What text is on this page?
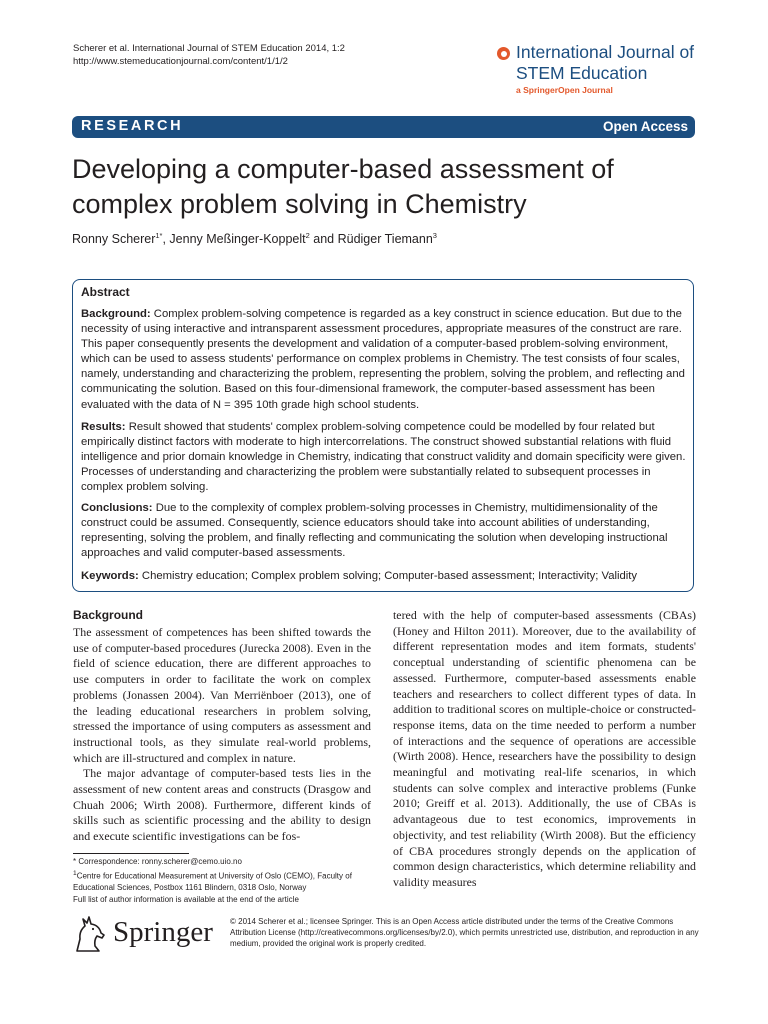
Scherer et al. International Journal of STEM Education 2014, 1:2
http://www.stemeducationjournal.com/content/1/1/2	International Journal of
STEM Education
a SpringerOpen Journal
RESEARCH	Open Access
Developing a computer-based assessment of
complex problem solving in Chemistry
Ronny Scherer$^{1*}$, Jenny Meßinger-Koppelt$^2$ and Rüdiger Tiemann$^3$
Abstract
Background: Complex problem-solving competence is regarded as a key construct in science education. But due to the necessity of using interactive and intransparent assessment procedures, appropriate measures of the construct are rare. This paper consequently presents the development and validation of a computer-based problem-solving environment, which can be used to assess students' performance on complex problems in Chemistry. The test consists of four scales, namely, understanding and characterizing the problem, representing the problem, solving the problem, and reflecting and communicating the solution. Based on this four-dimensional framework, the computer-based assessment has been evaluated with the data of N = 395 10th grade high school students.
Results: Result showed that students' complex problem-solving competence could be modelled by four related but empirically distinct factors with moderate to high intercorrelations. The construct showed substantial relations with fluid intelligence and prior domain knowledge in Chemistry, indicating that construct validity and domain specificity were given. Processes of understanding and characterizing the problem were substantially related to subsequent processes in complex problem solving.
Conclusions: Due to the complexity of complex problem-solving processes in Chemistry, multidimensionality of the construct could be assumed. Consequently, science educators should take into account abilities of understanding, representing, solving the problem, and finally reflecting and communicating the solution when developing instructional approaches and valid computer-based assessments.
Keywords: Chemistry education; Complex problem solving; Computer-based assessment; Interactivity; Validity
Background

The assessment of competences has been shifted towards the use of computer-based procedures (Jurecka 2008). Even in the field of science education, there are different approaches to use computers in order to facilitate the work on complex problems (Jonassen 2004). Van Merriënboer (2013), one of the leading educational researchers in problem solving, stressed the importance of using computers as assessment and instructional tools, as they simulate real-world problems, which are ill-structured and complex in nature.

The major advantage of computer-based tests lies in the assessment of new content areas and constructs (Drasgow and Chuah 2006; Wirth 2008). Furthermore, different kinds of skills such as scientific processing and the ability to design and execute scientific investigations can be fos-

tered with the help of computer-based assessments (CBAs) (Honey and Hilton 2011). Moreover, due to the availability of different representation modes and item formats, students' conceptual understanding of scientific phenomena can be assessed. Furthermore, computer-based assessments enable teachers and researchers to collect different types of data. In addition to traditional scores on multiple-choice or constructed-response items, data on the time needed to perform a number of interactions and the sequence of operations are accessible (Wirth 2008). Hence, researchers have the possibility to design meaningful and motivating real-life scenarios, in which students can solve complex and interactive problems (Funke 2010; Greiff et al. 2013). Additionally, the use of CBAs is advantageous due to test economics, improvements in objectivity, and test reliability (Wirth 2008). But the efficiency of CBA procedures strongly depends on the application of common design characteristics, which determine reliability and validity measures

* Correspondence: ronny.scherer@cemo.uio.no
$^1$Centre for Educational Measurement at University of Oslo (CEMO), Faculty of Educational Sciences, Postbox 1161 Blindern, 0318 Oslo, Norway
Full list of author information is available at the end of the article
Springer © 2014 Scherer et al.; licensee Springer. This is an Open Access article distributed under the terms of the Creative Commons Attribution License (http://creativecommons.org/licenses/by/2.0), which permits unrestricted use, distribution, and reproduction in any medium, provided the original work is properly credited.
